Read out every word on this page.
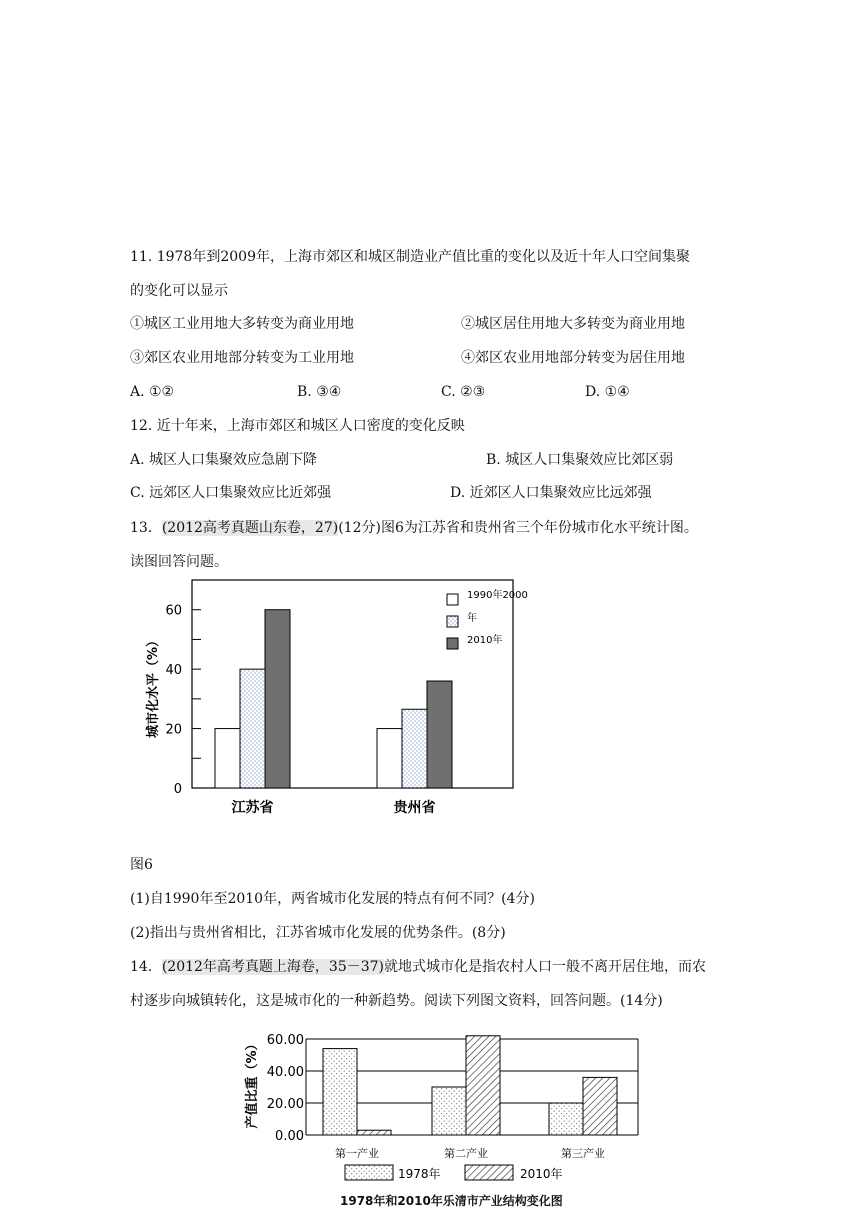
11. 1978年到2009年，上海市郊区和城区制造业产值比重的变化以及近十年人口空间集聚
的变化可以显示
①城区工业用地大多转变为商业用地	②城区居住用地大多转变为商业用地
③郊区农业用地部分转变为工业用地	④郊区农业用地部分转变为居住用地
A. ①②	B. ③④	C. ②③	D. ①④
12. 近十年来，上海市郊区和城区人口密度的变化反映
A. 城区人口集聚效应急剧下降	B. 城区人口集聚效应比郊区弱
C. 远郊区人口集聚效应比近郊强	D. 近郊区人口集聚效应比远郊强
13．(2012高考真题山东卷，27)(12分)图6为江苏省和贵州省三个年份城市化水平统计图。
读图回答问题。
0
20
40
60
城市化水平（%）
江苏省	贵州省
1990年2000
年
2010年
图6
(1)自1990年至2010年，两省城市化发展的特点有何不同？(4分)
(2)指出与贵州省相比，江苏省城市化发展的优势条件。(8分)
14．(2012年高考真题上海卷，35－37)就地式城市化是指农村人口一般不离开居住地，而农
村逐步向城镇转化，这是城市化的一种新趋势。阅读下列图文资料，回答问题。(14分)
0.00
20.00
40.00
60.00
产值比重（%）
第一产业	第二产业	第三产业
1978年	2010年
1978年和2010年乐清市产业结构变化图
